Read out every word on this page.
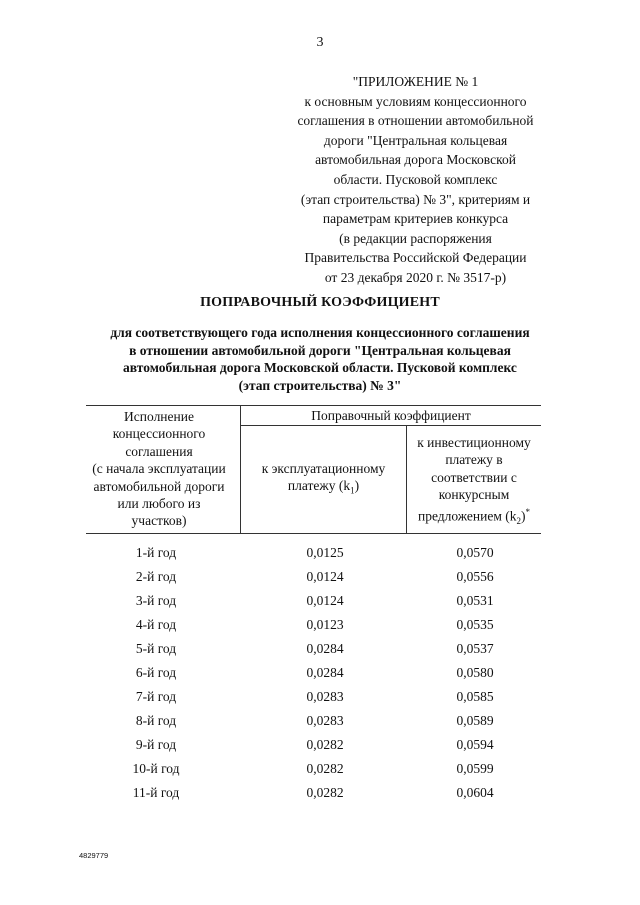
3
"ПРИЛОЖЕНИЕ № 1
к основным условиям концессионного
соглашения в отношении автомобильной
дороги "Центральная кольцевая
автомобильная дорога Московской
области. Пусковой комплекс
(этап строительства) № 3", критериям и
параметрам критериев конкурса
(в редакции распоряжения
Правительства Российской Федерации
от 23 декабря 2020 г. № 3517-р)
ПОПРАВОЧНЫЙ КОЭФФИЦИЕНТ
для соответствующего года исполнения концессионного соглашения
в отношении автомобильной дороги "Центральная кольцевая
автомобильная дорога Московской области. Пусковой комплекс
(этап строительства) № 3"
Исполнение
концессионного
соглашения
(с начала эксплуатации
автомобильной дороги
или любого из
участков)
Поправочный коэффициент
к эксплуатационному
платежу $(k_1)$
к инвестиционному
платежу в
соответствии с
конкурсным
предложением $(k_2)^*$
1-й год	0,0125	0,0570
2-й год	0,0124	0,0556
3-й год	0,0124	0,0531
4-й год	0,0123	0,0535
5-й год	0,0284	0,0537
6-й год	0,0284	0,0580
7-й год	0,0283	0,0585
8-й год	0,0283	0,0589
9-й год	0,0282	0,0594
10-й год	0,0282	0,0599
11-й год	0,0282	0,0604
4829779
